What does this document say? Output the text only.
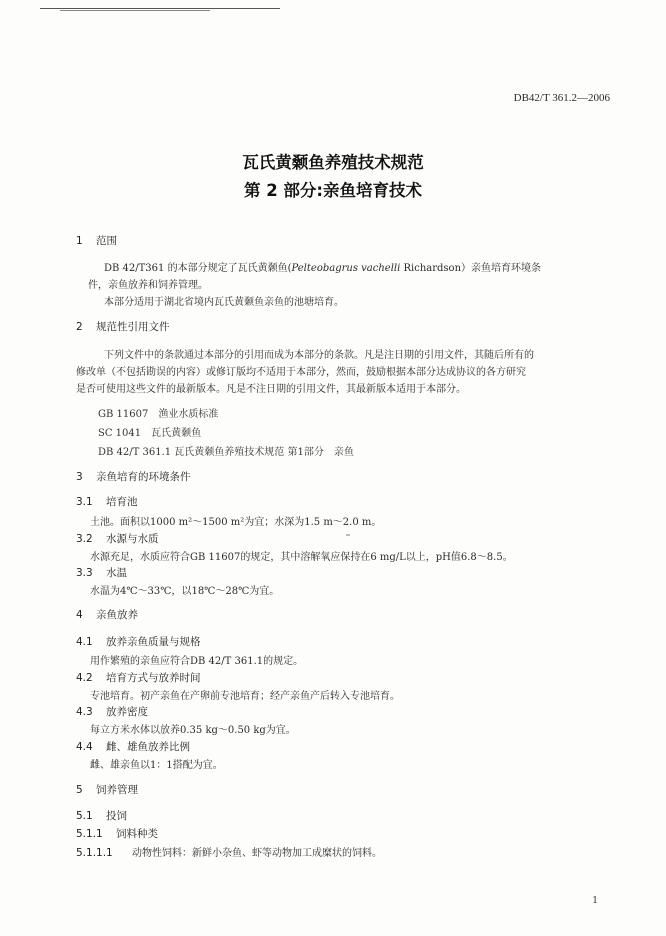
DB42/T 361.2—2006
瓦氏黄颡鱼养殖技术规范
第 2 部分:亲鱼培育技术
1 范围
DB 42/T361 的本部分规定了瓦氏黄颡鱼(Pelteobagrus vachelli Richardson）亲鱼培育环境条
件，亲鱼放养和饲养管理。
本部分适用于湖北省境内瓦氏黄颡鱼亲鱼的池塘培育。
2 规范性引用文件
下列文件中的条款通过本部分的引用而成为本部分的条款。凡是注日期的引用文件，其随后所有的
修改单（不包括勘误的内容）或修订版均不适用于本部分，然而，鼓励根据本部分达成协议的各方研究
是否可使用这些文件的最新版本。凡是不注日期的引用文件，其最新版本适用于本部分。
GB 11607　渔业水质标准
SC 1041　瓦氏黄颡鱼
DB 42/T 361.1 瓦氏黄颡鱼养殖技术规范 第1部分　亲鱼
3 亲鱼培育的环境条件
3.1 培育池
土池。面积以1000 m²～1500 m²为宜；水深为1.5 m～2.0 m。
3.2 水源与水质
水源充足，水质应符合GB 11607的规定，其中溶解氧应保持在6 mg/L以上，pH值6.8～8.5。
3.3 水温
水温为4℃～33℃，以18℃～28℃为宜。
4 亲鱼放养
4.1 放养亲鱼质量与规格
用作繁殖的亲鱼应符合DB 42/T 361.1的规定。
4.2 培育方式与放养时间
专池培育。初产亲鱼在产卵前专池培育；经产亲鱼产后转入专池培育。
4.3 放养密度
每立方米水体以放养0.35 kg～0.50 kg为宜。
4.4 雌、雄鱼放养比例
雌、雄亲鱼以1：1搭配为宜。
5 饲养管理
5.1 投饲
5.1.1 饲料种类
5.1.1.1 动物性饲料：新鲜小杂鱼、虾等动物加工成糜状的饲料。
1
